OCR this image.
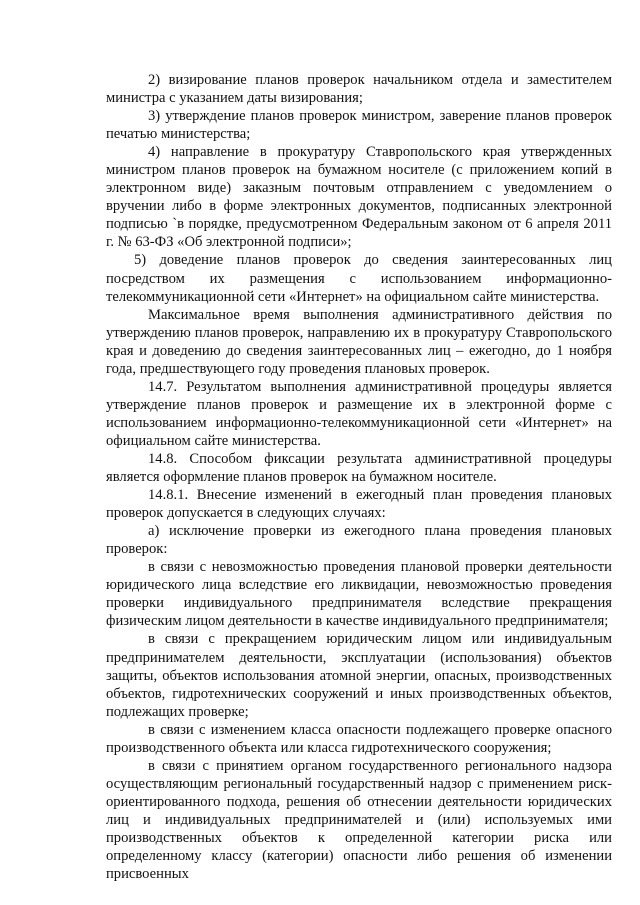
2) визирование планов проверок начальником отдела и заместителем министра с указанием даты визирования;

3) утверждение планов проверок министром, заверение планов проверок печатью министерства;

4) направление в прокуратуру Ставропольского края утвержденных министром планов проверок на бумажном носителе (с приложением копий в электронном виде) заказным почтовым отправлением с уведомлением о вручении либо в форме электронных документов, подписанных электронной подписью `в порядке, предусмотренном Федеральным законом от 6 апреля 2011 г. № 63-ФЗ «Об электронной подписи»;

5) доведение планов проверок до сведения заинтересованных лиц посредством их размещения с использованием информационно-телекоммуникационной сети «Интернет» на официальном сайте министерства.

Максимальное время выполнения административного действия по утверждению планов проверок, направлению их в прокуратуру Ставропольского края и доведению до сведения заинтересованных лиц – ежегодно, до 1 ноября года, предшествующего году проведения плановых проверок.

14.7. Результатом выполнения административной процедуры является утверждение планов проверок и размещение их в электронной форме с использованием информационно-телекоммуникационной сети «Интернет» на официальном сайте министерства.

14.8. Способом фиксации результата административной процедуры является оформление планов проверок на бумажном носителе.

14.8.1. Внесение изменений в ежегодный план проведения плановых проверок допускается в следующих случаях:

а) исключение проверки из ежегодного плана проведения плановых проверок:

в связи с невозможностью проведения плановой проверки деятельности юридического лица вследствие его ликвидации, невозможностью проведения проверки индивидуального предпринимателя вследствие прекращения физическим лицом деятельности в качестве индивидуального предпринимателя;

в связи с прекращением юридическим лицом или индивидуальным предпринимателем деятельности, эксплуатации (использования) объектов защиты, объектов использования атомной энергии, опасных, производственных объектов, гидротехнических сооружений и иных производственных объектов, подлежащих проверке;

в связи с изменением класса опасности подлежащего проверке опасного производственного объекта или класса гидротехнического сооружения;

в связи с принятием органом государственного регионального надзора осуществляющим региональный государственный надзор с применением риск-ориентированного подхода, решения об отнесении деятельности юридических лиц и индивидуальных предпринимателей и (или) используемых ими производственных объектов к определенной категории риска или определенному классу (категории) опасности либо решения об изменении присвоенных
